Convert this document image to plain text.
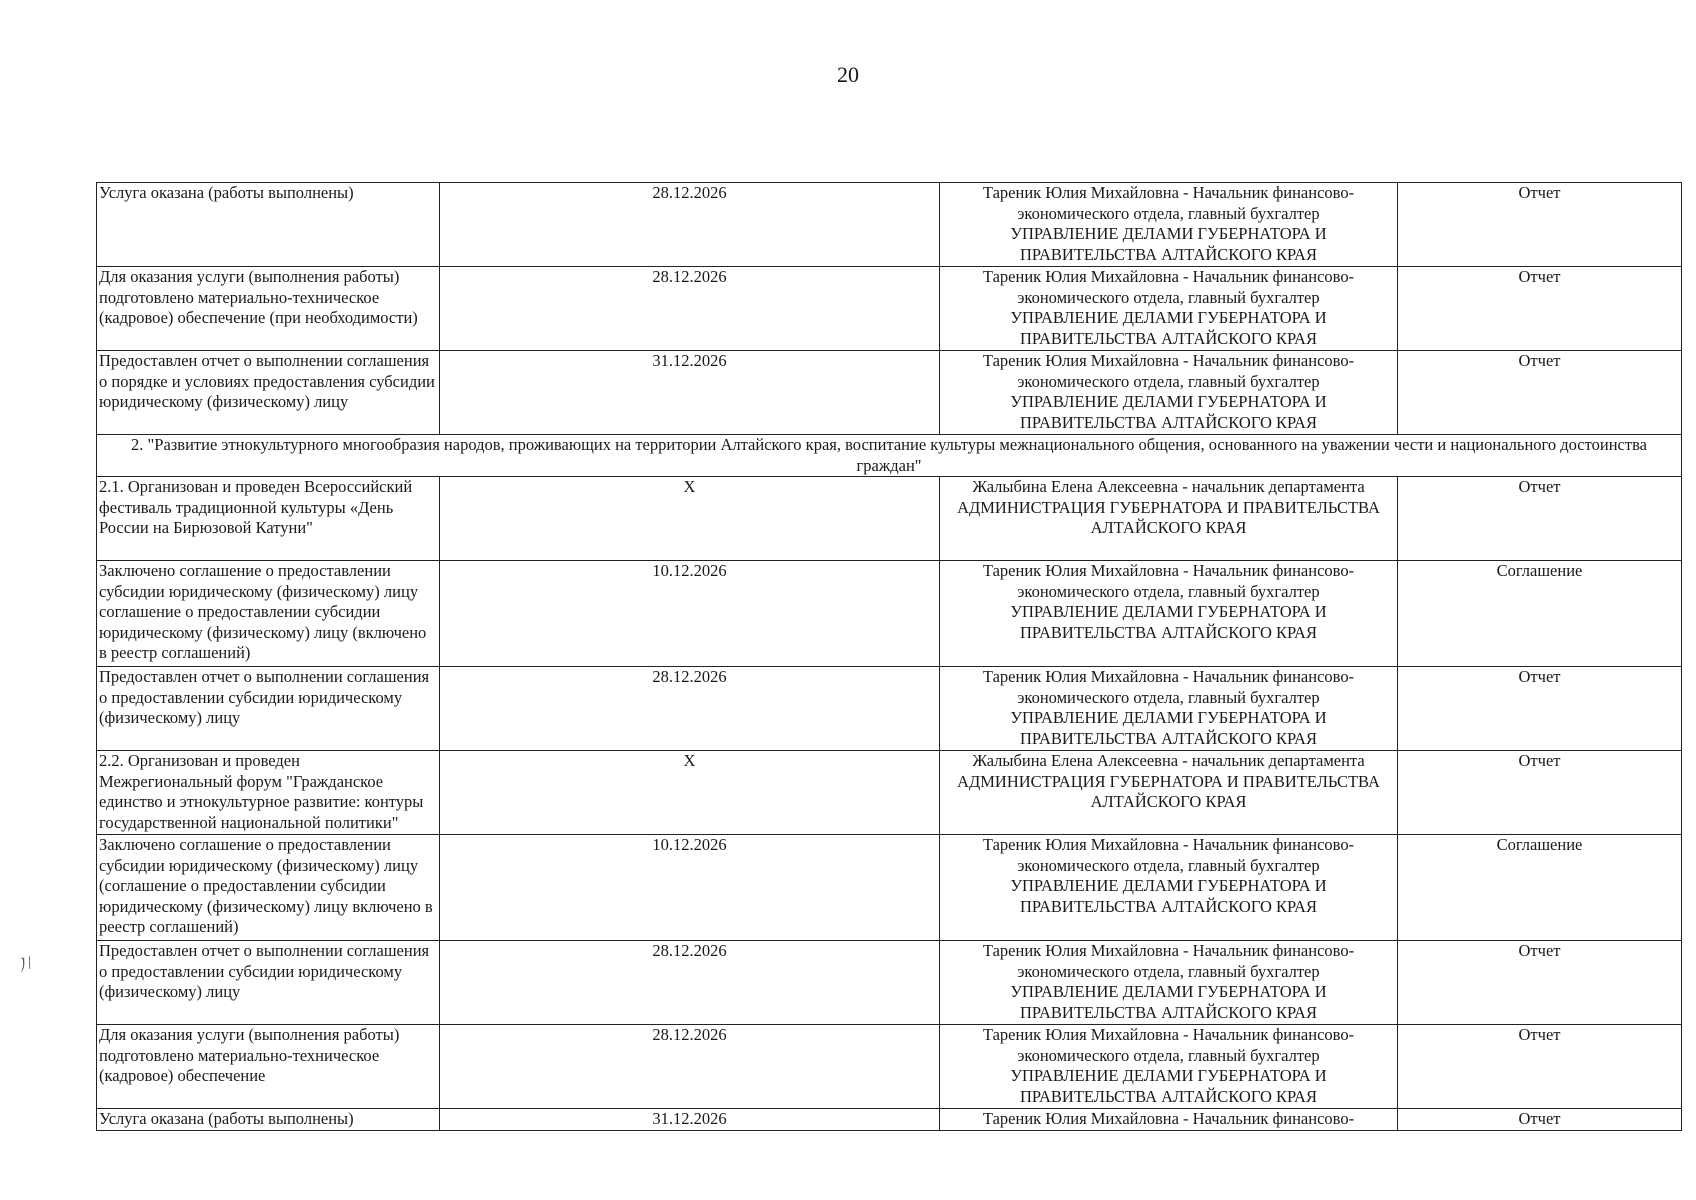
20
Услуга оказана (работы выполнены)	28.12.2026	Тареник Юлия Михайловна - Начальник финансово-экономического отдела, главный бухгалтер
УПРАВЛЕНИЕ ДЕЛАМИ ГУБЕРНАТОРА И ПРАВИТЕЛЬСТВА АЛТАЙСКОГО КРАЯ	Отчет
Для оказания услуги (выполнения работы) подготовлено материально-техническое (кадровое) обеспечение (при необходимости)	28.12.2026	Тареник Юлия Михайловна - Начальник финансово-экономического отдела, главный бухгалтер
УПРАВЛЕНИЕ ДЕЛАМИ ГУБЕРНАТОРА И ПРАВИТЕЛЬСТВА АЛТАЙСКОГО КРАЯ	Отчет
Предоставлен отчет о выполнении соглашения о порядке и условиях предоставления субсидии юридическому (физическому) лицу	31.12.2026	Тареник Юлия Михайловна - Начальник финансово-экономического отдела, главный бухгалтер
УПРАВЛЕНИЕ ДЕЛАМИ ГУБЕРНАТОРА И ПРАВИТЕЛЬСТВА АЛТАЙСКОГО КРАЯ	Отчет
2. "Развитие этнокультурного многообразия народов, проживающих на территории Алтайского края, воспитание культуры межнационального общения, основанного на уважении чести и национального достоинства граждан"			
2.1. Организован и проведен Всероссийский фестиваль традиционной культуры «День России на Бирюзовой Катуни"	X	Жалыбина Елена Алексеевна - начальник департамента
АДМИНИСТРАЦИЯ ГУБЕРНАТОРА И ПРАВИТЕЛЬСТВА АЛТАЙСКОГО КРАЯ	Отчет
Заключено соглашение о предоставлении субсидии юридическому (физическому) лицу соглашение о предоставлении субсидии юридическому (физическому) лицу (включено в реестр соглашений)	10.12.2026	Тареник Юлия Михайловна - Начальник финансово-экономического отдела, главный бухгалтер
УПРАВЛЕНИЕ ДЕЛАМИ ГУБЕРНАТОРА И ПРАВИТЕЛЬСТВА АЛТАЙСКОГО КРАЯ	Соглашение
Предоставлен отчет о выполнении соглашения о предоставлении субсидии юридическому (физическому) лицу	28.12.2026	Тареник Юлия Михайловна - Начальник финансово-экономического отдела, главный бухгалтер
УПРАВЛЕНИЕ ДЕЛАМИ ГУБЕРНАТОРА И ПРАВИТЕЛЬСТВА АЛТАЙСКОГО КРАЯ	Отчет
2.2. Организован и проведен Межрегиональный форум "Гражданское единство и этнокультурное развитие: контуры государственной национальной политики"	X	Жалыбина Елена Алексеевна - начальник департамента
АДМИНИСТРАЦИЯ ГУБЕРНАТОРА И ПРАВИТЕЛЬСТВА АЛТАЙСКОГО КРАЯ	Отчет
Заключено соглашение о предоставлении субсидии юридическому (физическому) лицу (соглашение о предоставлении субсидии юридическому (физическому) лицу включено в реестр соглашений)	10.12.2026	Тареник Юлия Михайловна - Начальник финансово-экономического отдела, главный бухгалтер
УПРАВЛЕНИЕ ДЕЛАМИ ГУБЕРНАТОРА И ПРАВИТЕЛЬСТВА АЛТАЙСКОГО КРАЯ	Соглашение
Предоставлен отчет о выполнении соглашения о предоставлении субсидии юридическому (физическому) лицу	28.12.2026	Тареник Юлия Михайловна - Начальник финансово-экономического отдела, главный бухгалтер
УПРАВЛЕНИЕ ДЕЛАМИ ГУБЕРНАТОРА И ПРАВИТЕЛЬСТВА АЛТАЙСКОГО КРАЯ	Отчет
Для оказания услуги (выполнения работы) подготовлено материально-техническое (кадровое) обеспечение	28.12.2026	Тареник Юлия Михайловна - Начальник финансово-экономического отдела, главный бухгалтер
УПРАВЛЕНИЕ ДЕЛАМИ ГУБЕРНАТОРА И ПРАВИТЕЛЬСТВА АЛТАЙСКОГО КРАЯ	Отчет
Услуга оказана (работы выполнены)	31.12.2026	Тареник Юлия Михайловна - Начальник финансово-	Отчет
ﾉ/
